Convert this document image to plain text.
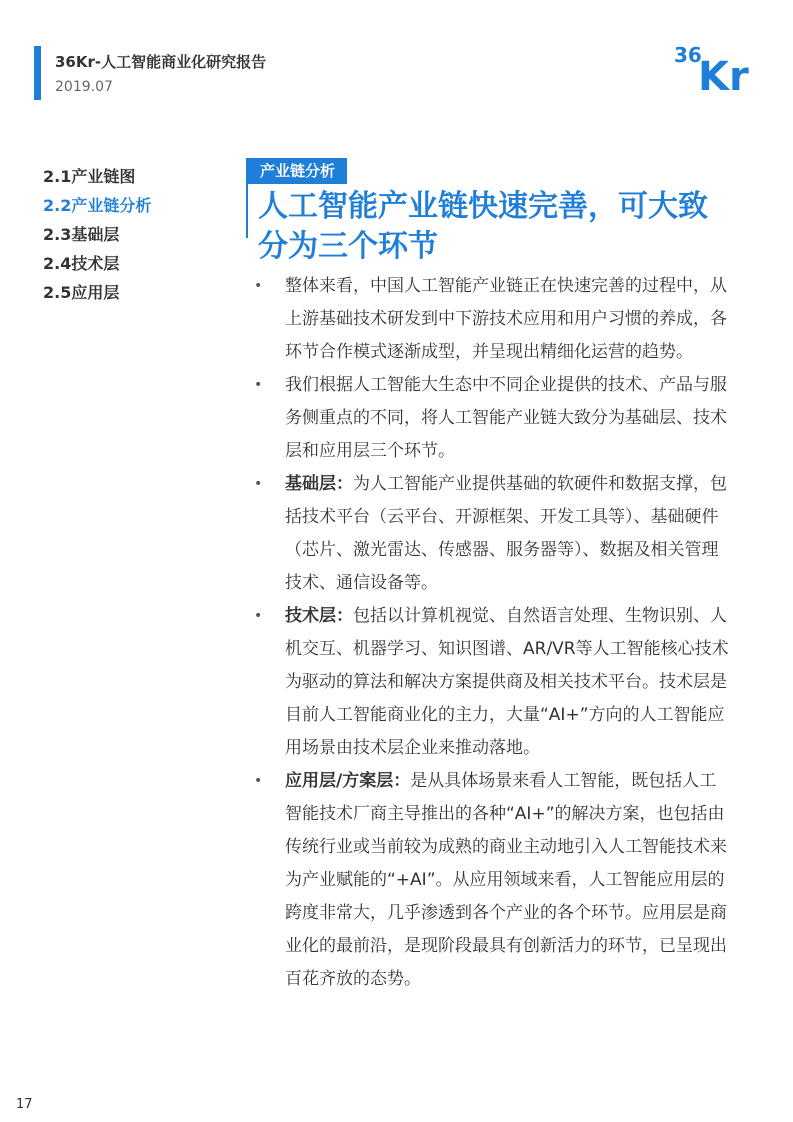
36Kr-人工智能商业化研究报告
2019.07
36
Kr
2.1产业链图
2.2产业链分析
2.3基础层
2.4技术层
2.5应用层
产业链分析
人工智能产业链快速完善，可大致分为三个环节
• 整体来看，中国人工智能产业链正在快速完善的过程中，从上游基础技术研发到中下游技术应用和用户习惯的养成，各环节合作模式逐渐成型，并呈现出精细化运营的趋势。
• 我们根据人工智能大生态中不同企业提供的技术、产品与服务侧重点的不同，将人工智能产业链大致分为基础层、技术层和应用层三个环节。
• 基础层：为人工智能产业提供基础的软硬件和数据支撑，包括技术平台（云平台、开源框架、开发工具等）、基础硬件（芯片、激光雷达、传感器、服务器等）、数据及相关管理技术、通信设备等。
• 技术层：包括以计算机视觉、自然语言处理、生物识别、人机交互、机器学习、知识图谱、AR/VR等人工智能核心技术为驱动的算法和解决方案提供商及相关技术平台。技术层是目前人工智能商业化的主力，大量“AI+”方向的人工智能应用场景由技术层企业来推动落地。
• 应用层/方案层：是从具体场景来看人工智能，既包括人工智能技术厂商主导推出的各种“AI+”的解决方案，也包括由传统行业或当前较为成熟的商业主动地引入人工智能技术来为产业赋能的“+AI”。从应用领域来看，人工智能应用层的跨度非常大，几乎渗透到各个产业的各个环节。应用层是商业化的最前沿，是现阶段最具有创新活力的环节，已呈现出百花齐放的态势。
17
